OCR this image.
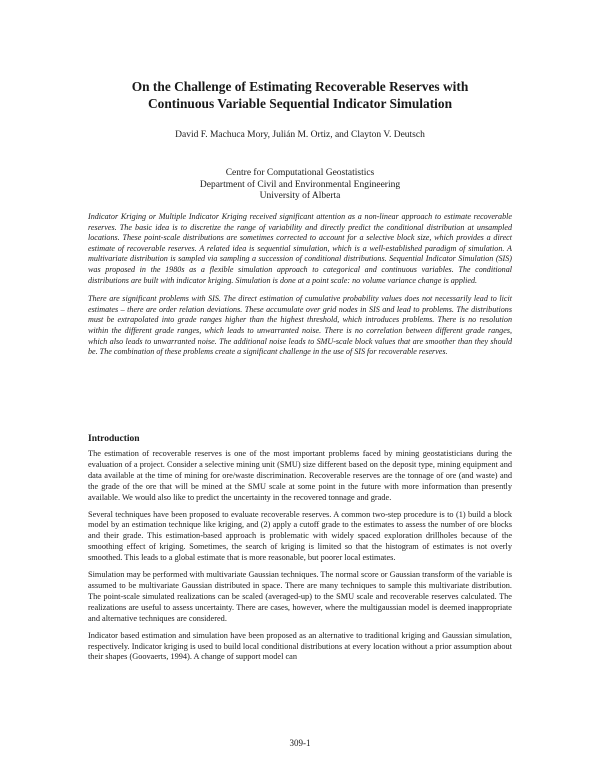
On the Challenge of Estimating Recoverable Reserves with
Continuous Variable Sequential Indicator Simulation
David F. Machuca Mory, Julián M. Ortiz, and Clayton V. Deutsch
Centre for Computational Geostatistics
Department of Civil and Environmental Engineering
University of Alberta

Indicator Kriging or Multiple Indicator Kriging received significant attention as a non-linear approach to estimate recoverable reserves. The basic idea is to discretize the range of variability and directly predict the conditional distribution at unsampled locations. These point-scale distributions are sometimes corrected to account for a selective block size, which provides a direct estimate of recoverable reserves. A related idea is sequential simulation, which is a well-established paradigm of simulation. A multivariate distribution is sampled via sampling a succession of conditional distributions. Sequential Indicator Simulation (SIS) was proposed in the 1980s as a flexible simulation approach to categorical and continuous variables. The conditional distributions are built with indicator kriging. Simulation is done at a point scale: no volume variance change is applied.

There are significant problems with SIS. The direct estimation of cumulative probability values does not necessarily lead to licit estimates – there are order relation deviations. These accumulate over grid nodes in SIS and lead to problems. The distributions must be extrapolated into grade ranges higher than the highest threshold, which introduces problems. There is no resolution within the different grade ranges, which leads to unwarranted noise. There is no correlation between different grade ranges, which also leads to unwarranted noise. The additional noise leads to SMU-scale block values that are smoother than they should be. The combination of these problems create a significant challenge in the use of SIS for recoverable reserves.

Introduction

The estimation of recoverable reserves is one of the most important problems faced by mining geostatisticians during the evaluation of a project. Consider a selective mining unit (SMU) size different based on the deposit type, mining equipment and data available at the time of mining for ore/waste discrimination. Recoverable reserves are the tonnage of ore (and waste) and the grade of the ore that will be mined at the SMU scale at some point in the future with more information than presently available. We would also like to predict the uncertainty in the recovered tonnage and grade.

Several techniques have been proposed to evaluate recoverable reserves. A common two-step procedure is to (1) build a block model by an estimation technique like kriging, and (2) apply a cutoff grade to the estimates to assess the number of ore blocks and their grade. This estimation-based approach is problematic with widely spaced exploration drillholes because of the smoothing effect of kriging. Sometimes, the search of kriging is limited so that the histogram of estimates is not overly smoothed. This leads to a global estimate that is more reasonable, but poorer local estimates.

Simulation may be performed with multivariate Gaussian techniques. The normal score or Gaussian transform of the variable is assumed to be multivariate Gaussian distributed in space. There are many techniques to sample this multivariate distribution. The point-scale simulated realizations can be scaled (averaged-up) to the SMU scale and recoverable reserves calculated. The realizations are useful to assess uncertainty. There are cases, however, where the multigaussian model is deemed inappropriate and alternative techniques are considered.

Indicator based estimation and simulation have been proposed as an alternative to traditional kriging and Gaussian simulation, respectively. Indicator kriging is used to build local conditional distributions at every location without a prior assumption about their shapes (Goovaerts, 1994). A change of support model can

309-1
